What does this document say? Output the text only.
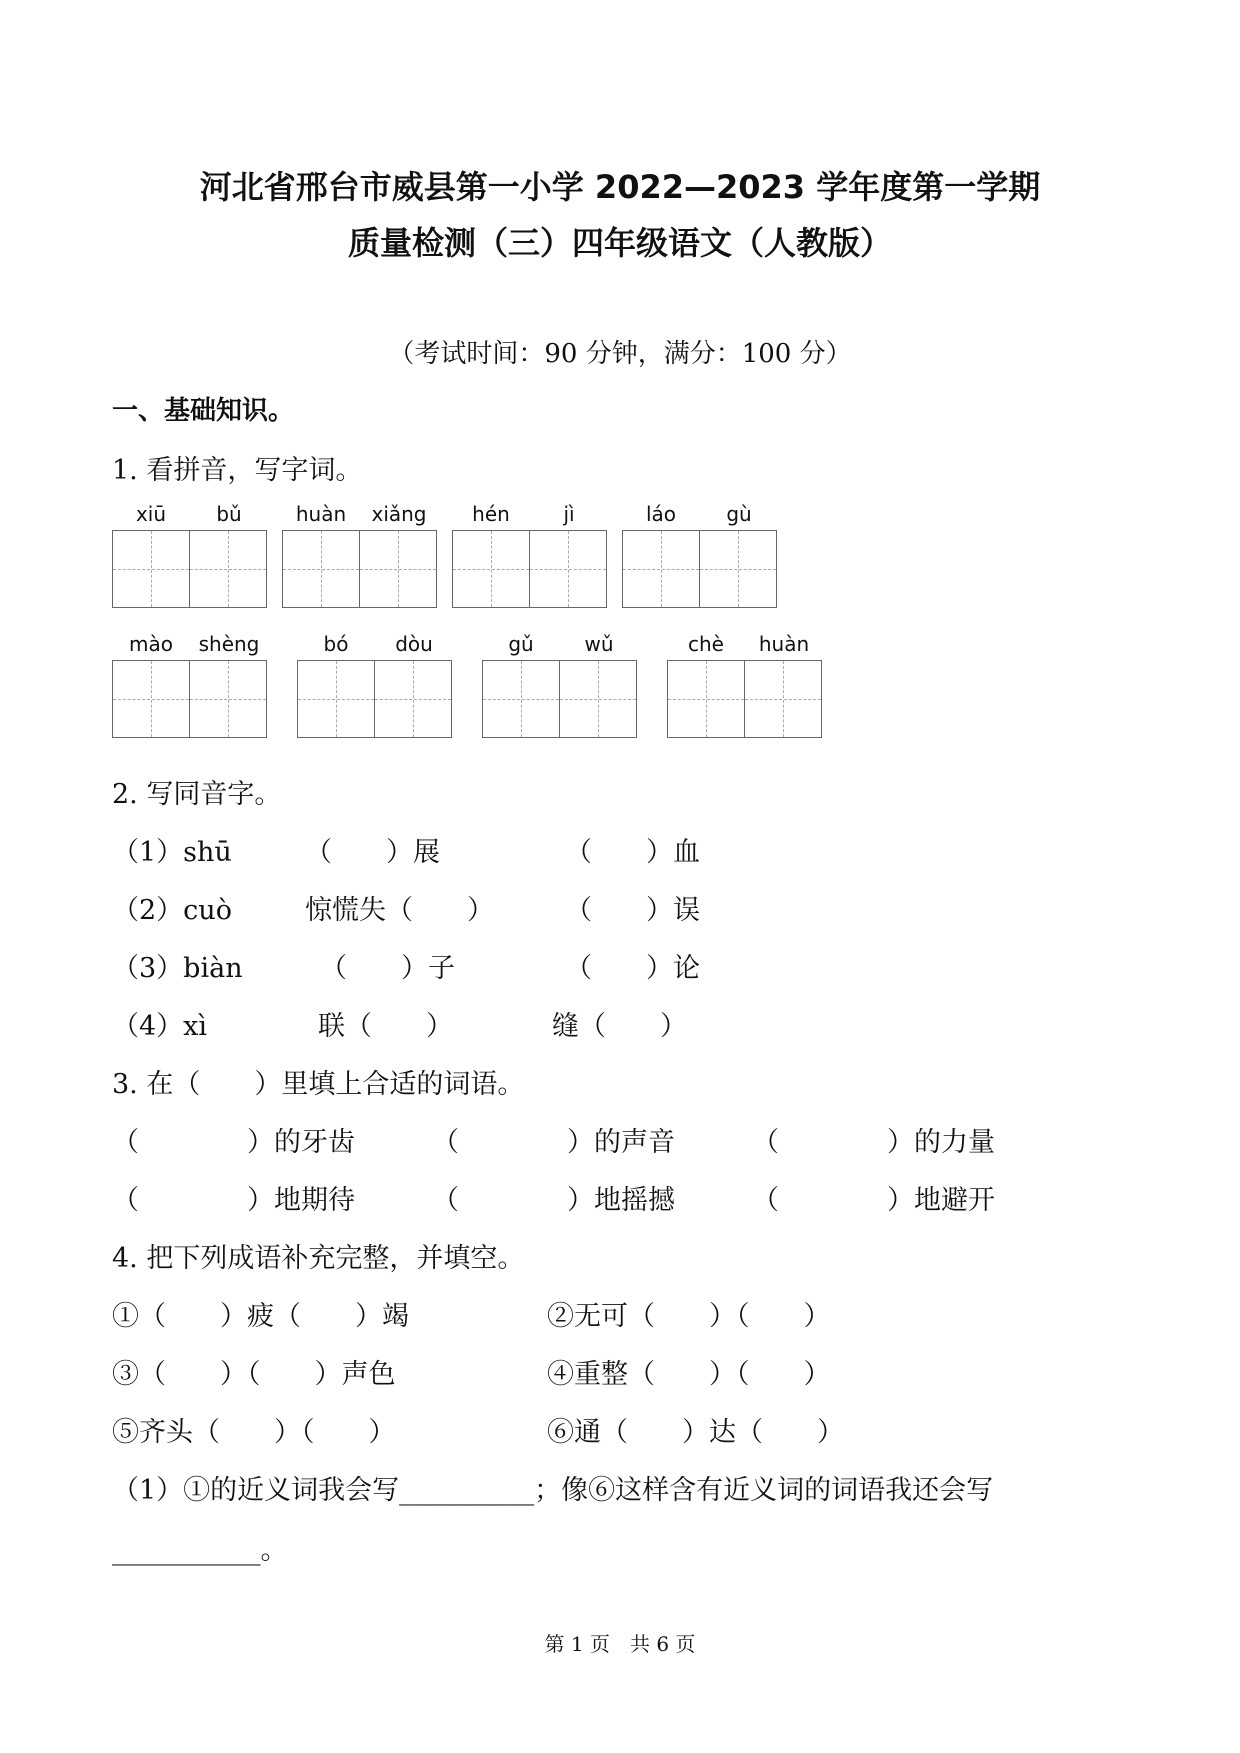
河北省邢台市威县第一小学 2022—2023 学年度第一学期
质量检测（三）四年级语文（人教版）
（考试时间：90 分钟，满分：100 分）
一、基础知识。
1. 看拼音，写字词。
xiū	bǔ	huàn	xiǎng	hén	jì	láo	gù
mào	shèng	bó	dòu	gǔ	wǔ	chè	huàn
2. 写同音字。
（1）shū	（　　）展	（　　）血
（2）cuò	惊慌失（　　）	（　　）误
（3）biàn	（　　）子	（　　）论
（4）xì	联（　　）	缝（　　）
3. 在（　　）里填上合适的词语。
（　　　　）的牙齿	（　　　　）的声音	（　　　　）的力量
（　　　　）地期待	（　　　　）地摇撼	（　　　　）地避开
4. 把下列成语补充完整，并填空。
①（　　）疲（　　）竭	②无可（　　）（　　）
③（　　）（　　）声色	④重整（　　）（　　）
⑤齐头（　　）（　　）	⑥通（　　）达（　　）
（1）①的近义词我会写__________；像⑥这样含有近义词的词语我还会写
___________。
第 1 页　共 6 页
